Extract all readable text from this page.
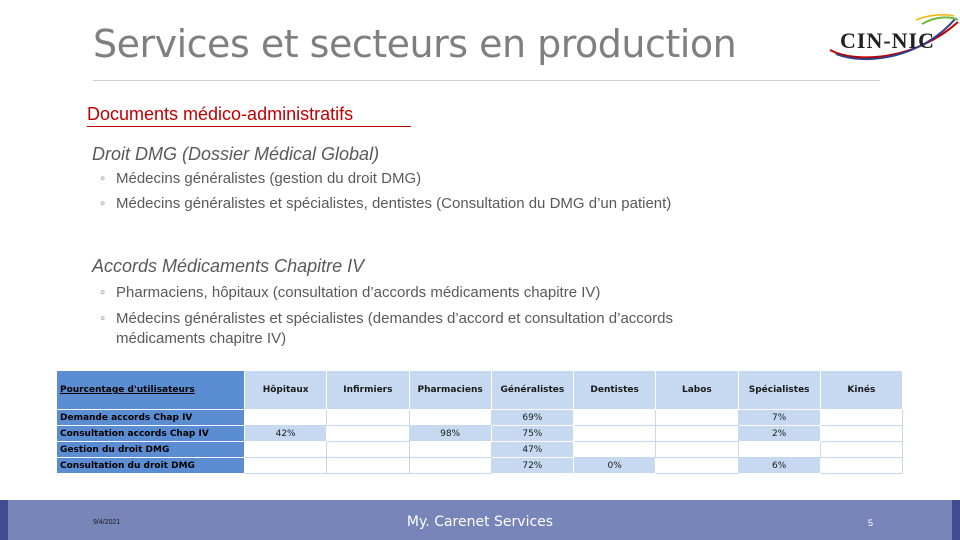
Services et secteurs en production	CIN-NIC
Documents médico-administratifs
Droit DMG (Dossier Médical Global)
◦ Médecins généralistes (gestion du droit DMG)
◦ Médecins généralistes et spécialistes, dentistes (Consultation du DMG d’un patient)
Accords Médicaments Chapitre IV
◦ Pharmaciens, hôpitaux (consultation d’accords médicaments chapitre IV)
◦ Médecins généralistes et spécialistes (demandes d’accord et consultation d’accords
médicaments chapitre IV)
Pourcentage d'utilisateurs	Hôpitaux	Infirmiers	Pharmaciens	Généralistes	Dentistes	Labos	Spécialistes	Kinés
Demande accords Chap IV				69%			7%	
Consultation accords Chap IV	42%		98%	75%			2%	
Gestion du droit DMG				47%				
Consultation du droit DMG				72%	0%		6%	
9/4/2021	My. Carenet Services	5
